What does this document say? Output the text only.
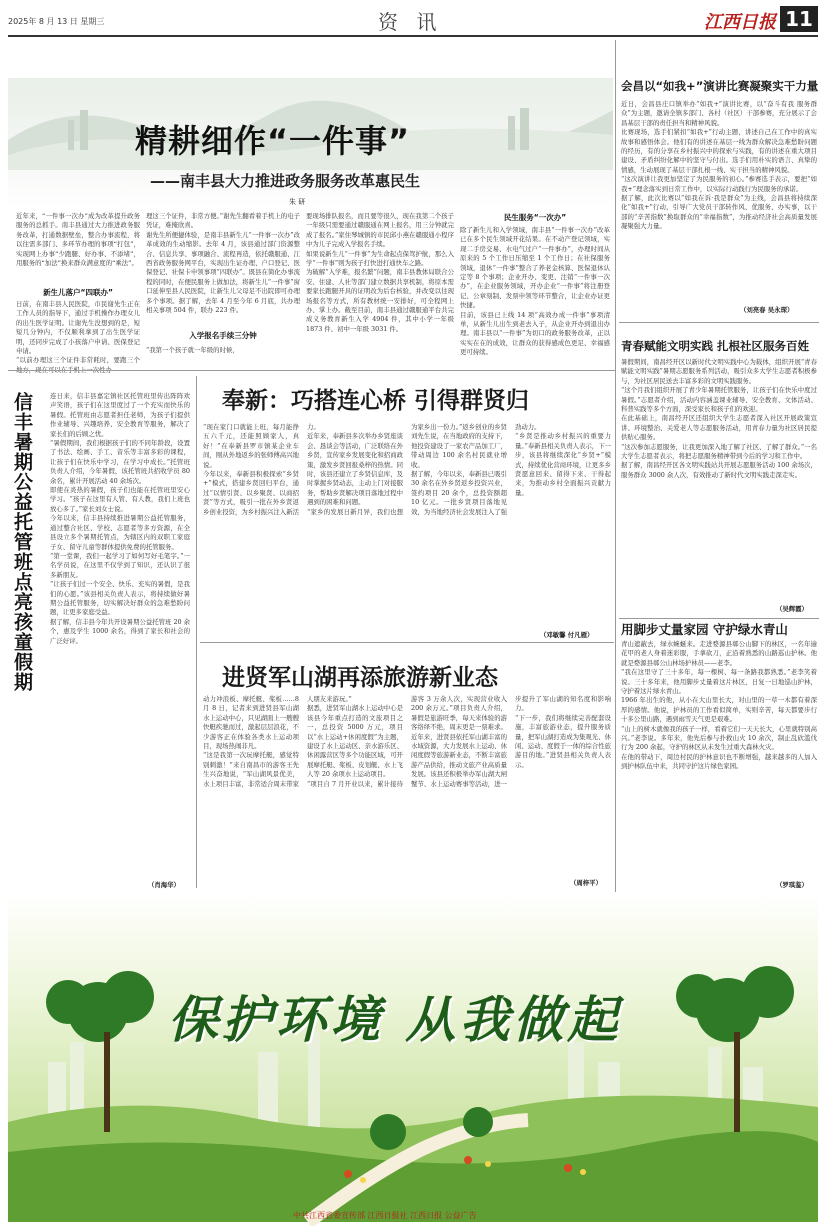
2025年 8 月 13 日 星期三	资 讯	江西日报 11
精耕细作“一件事”
——南丰县大力推进政务服务改革惠民生
朱 研
近年来，“一件事一次办”成为改革提升政务服务的总抓手。南丰县通过大力推进政务服务改革，打通数据壁垒，整合办事流程，将以往需多部门、多环节办理的事项“打包”，实现网上办事“少跑腿、好办事、不添堵”，用服务的“加法”换来群众满意度的“乘法”。
新生儿落户“四联办”
日前，在南丰县人民医院，市民谢先生正在工作人员的指导下，通过手机操作办理女儿的出生医学证明。让谢先生没想到的是，短短几分钟内，不仅顺利拿到了出生医学证明，还同步完成了小孩落户申请、医保登记申请。
“以前办理这三个证件非常耗时，要跑三个
理这三个证件，非常方便。”谢先生翻看着手机上的电子凭证，难掩欣喜。
谢先生所便捷体验，是南丰县新生儿“一件事一次办”改革成效的生动缩影。去年 4 月，该县通过部门资源整合、信息共享、事项融合、流程再造，依托赣服通、江西省政务服务网平台，实现出生证办理、户口登记、医保登记、社保卡申领事项“四联办”。既县在简化办事流程的同时，在便民服务上做加法，将新生儿“一件事”窗口延伸至县人民医院，让新生儿父母足不出院即可办理多个事项。据了解，去年 4 月至今年 6 月底，共办理相关事项 504 件，联办 223 件。
入学报名手续三分钟
“我第一个孩子就一年级的时候，
要现场排队报名，而且要等很久，现在我第二个孩子一年级只需要通过赣服通在网上报名，用三分钟就完成了报名。”家住琴城镇的市民邱小燕在赣服通小程序中为儿子完成入学报名手续。
如果说新生儿“一件事”为生命起点保驾护航，那么入学“一件事”则为孩子打快进打通快车之路。
为破解“入学难，报名繁”问题，南丰县教体局联合公安、住建、人社等部门建立数据共享机制，将原本需要家长跑腿开具的证明改为后台核验，并改变以往现场报名等方式，所有教材统一安排好，可全程网上办、掌上办。截至目前，南丰县通过赣服通平台共完成义务教育新生入学 4904 件，其中小学一年级 1873 件、初中一年级 3031 件。
民生服务“一次办”
除了新生儿和入学领域，南丰县“一件事一次办”改革已在多个民生领域开花结果。在不动产登记领域，实现二手房交易、水电气过户“一件事办”，办理时间从原来的 5 个工作日压缩至 1 个工作日；在社保服务领域，退休“一件事”整合了养老金核算、医保退休认定等 8 个事项；企业开办、变更、注销“一件事一次办”，在企业服务领域，开办企业“一件事”将注册登记、公章刻制、发票申领等环节整合，让企业办证更快捷。
目前，该县已上线 14 项“高效办成一件事”事项清单，从新生儿出生到老去入子，从企业开办到退出办理。南丰县以“一件事”为切口的政务服务改革，正以实实在在的成效，让群众的获得感成色更足、幸福感更可持续。
会昌以“如我+”演讲比赛凝聚实干力量
近日，会昌县庄口镇举办“如我+”演讲比赛，以“奋斗有我 服务群众”为主题，邀请全镇多部门、各村（社区）干部参赛，充分展示了会昌基层干部的责任担当和精神风貌。
比赛现场，选手们紧扣“如我+”行动主题，讲述自己在工作中的真实故事和感悟体会。他们有的讲述在基层一线为群众解决急难愁盼问题的经历，有的分享在乡村振兴中的探索与实践，有的讲述在重大项目建设、矛盾纠纷化解中的坚守与付出。选手们用朴实的语言、真挚的情感，生动展现了基层干部扎根一线、实干担当的精神风貌。
“这次演讲让我更加坚定了为民服务的初心。”参赛选手表示，要把“如我+”理念落实到日常工作中，以实际行动践行为民服务的承诺。
据了解，此次比赛以“如我在诉·我是群众”为主线，会昌县将持续深化“如我+”行动，引导广大党员干部转作风、优服务、办实事，以干部的“辛苦指数”换取群众的“幸福指数”，为推动经济社会高质量发展凝聚强大力量。
（刘亮春 吴永琛）
青春赋能文明实践 扎根社区服务百姓
暑假期间，南昌经开区以新时代文明实践中心为载体，组织开展“青春赋能文明实践”暑期志愿服务系列活动，吸引众多大学生志愿者积极参与，为社区居民送去丰富多彩的文明实践服务。
“这个月我们组织开展了青少年暑期托管服务，让孩子们在快乐中度过暑假。”志愿者介绍，活动内容涵盖课业辅导、安全教育、文体活动、科普实践等多个方面，深受家长和孩子们的欢迎。
在此基础上，南昌经开区还组织大学生志愿者深入社区开展政策宣讲、环境整治、关爱老人等志愿服务活动，用青春力量为社区居民提供贴心服务。
“这次参加志愿服务，让我更加深入地了解了社区、了解了群众。”一名大学生志愿者表示，将把志愿服务精神带到今后的学习和工作中。
据了解，南昌经开区各文明实践站共开展志愿服务活动 100 余场次，服务群众 3000 余人次，有效推动了新时代文明实践走深走实。
（吴辉霞）
用脚步丈量家园 守护绿水青山
青山遮蔽去，绿水蜿蜒来。走进婺源县鄣公山脚下的林区，一名年逾花甲的老人身着迷彩服，手拿砍刀，正沿着熟悉的山路巡山护林。他就是婺源县鄣公山林场护林员——老李。
“我在这里守了三十多年，每一棵树、每一条路我都熟悉。”老李笑着说。三十多年来，他用脚步丈量着这片林区，日复一日地巡山护林，守护着这片绿水青山。
1966 年出生的他，从小在大山里长大，对山里的一草一木都有着深厚的感情。他说，护林员的工作看似简单，实则辛苦，每天都要步行十多公里山路，遇到雨雪天气更是艰难。
“山上的树木就像我的孩子一样，看着它们一天天长大，心里就特别高兴。”老李说。多年来，他先后参与扑救山火 10 余次，制止乱砍滥伐行为 200 余起，守护的林区从未发生过重大森林火灾。
在他的带动下，周边村民的护林意识也不断增强，越来越多的人加入到护林队伍中来，共同守护这片绿色家园。
（罗琪鉴）
信丰暑期公益托管班点亮孩童假期	连日来，信丰县嘉定镇社区托管班里传出阵阵欢声笑语，孩子们在这里度过了一个充实而快乐的暑假。托管班由志愿者担任老师，为孩子们提供作业辅导、兴趣培养、安全教育等服务，解决了家长们的后顾之忧。
“暑假期间，我们根据孩子们的不同年龄段，设置了书法、绘画、手工、音乐等丰富多彩的课程，让孩子们在快乐中学习，在学习中成长。”托管班负责人介绍，今年暑假，该托管班共招收学员 80 余名，累计开展活动 40 余场次。
即使在炎热的暑假，孩子们也能在托管班里安心学习。“孩子在这里有人管、有人教，我们上班也放心多了。”家长刘女士说。
今年以来，信丰县持续推进暑期公益托管服务，通过整合社区、学校、志愿者等多方资源，在全县设立多个暑期托管点，为辖区内的双职工家庭子女、留守儿童等群体提供免费的托管服务。
“第一堂课，我们一起学习了如何写好毛笔字。”一名学员说，在这里不仅学到了知识，还认识了很多新朋友。
“让孩子们过一个安全、快乐、充实的暑假，是我们的心愿。”该县相关负责人表示，将持续做好暑期公益托管服务，切实解决好群众的急难愁盼问题，让更多家庭受益。
据了解，信丰县今年共开设暑期公益托管班 20 余个，惠及学生 1000 余名，得到了家长和社会的广泛好评。
（肖海华）
奉新：巧搭连心桥 引得群贤归
“现在家门口就能上班，每月能挣五六千元，还能照顾家人，真好！”在奉新县罗市镇某企业车间，刚从外地返乡的张师傅高兴地说。
今年以来，奉新县积极探索“乡贤+”模式，搭建乡贤回归平台，通过“以情引贤、以乡聚贤、以商招贤”等方式，吸引一批在外乡贤返乡创业投资，为乡村振兴注入新活力。
近年来，奉新县多次举办乡贤座谈会、恳谈会等活动，广泛联络在外乡贤，宣传家乡发展变化和招商政策，激发乡贤回报桑梓的热情。同时，该县还建立了乡贤信息库，及时掌握乡贤动态，主动上门对接服务，帮助乡贤解决项目落地过程中遇到的困难和问题。
“家乡的发展日新月异，我们也想为家乡出一份力。”返乡创业的乡贤刘先生说，在当地政府的支持下，他投资建设了一家农产品加工厂，带动周边 100 余名村民就业增收。
据了解，今年以来，奉新县已吸引 30 余名在外乡贤返乡投资兴业，签约项目 20 余个，总投资额超 10 亿元。一批乡贤项目落地见效，为当地经济社会发展注入了强劲动力。
“乡贤是推动乡村振兴的重要力量。”奉新县相关负责人表示，下一步，该县将继续深化“乡贤+”模式，持续优化营商环境，让更多乡贤愿意回来、留得下来、干得起来，为推动乡村全面振兴贡献力量。
（邓敏馨 付凡雁）
进贤军山湖再添旅游新业态
动力冲浪板、摩托艇、桨板……8 月 8 日，记者来到进贤县军山湖水上运动中心，只见湖面上一艘艘快艇疾驰而过，激起层层浪花，不少游客正在体验各类水上运动项目，现场热闹非凡。
“这是我第一次玩摩托艇，感觉特别刺激！”来自南昌市的游客王先生兴奋地说，“军山湖风景优美，水上项目丰富，非常适合周末带家人朋友来游玩。”
据悉，进贤军山湖水上运动中心是该县今年重点打造的文旅项目之一，总投资 5000 万元，项目以“水上运动+休闲度假”为主题，建设了水上运动区、亲水游乐区、休闲露营区等多个功能区域，可开展摩托艇、桨板、皮划艇、水上飞人等 20 余项水上运动项目。
“项目自 7 月开业以来，累计接待游客 3 万余人次，实现营业收入 200 余万元。”项目负责人介绍，暑假是旅游旺季，每天来体验的游客络绎不绝，周末更是一票难求。
近年来，进贤县依托军山湖丰富的水域资源，大力发展水上运动、休闲度假等旅游新业态，不断丰富旅游产品供给，推动文旅产业高质量发展。该县还积极举办军山湖大闸蟹节、水上运动赛事等活动，进一步提升了军山湖的知名度和影响力。
“下一步，我们将继续完善配套设施，丰富旅游业态，提升服务质量，把军山湖打造成为集观光、休闲、运动、度假于一体的综合性旅游目的地。”进贤县相关负责人表示。
（周梓平）
保护环境 从我做起
中共江西省委宣传部 江西日报社 江西日报 公益广告
